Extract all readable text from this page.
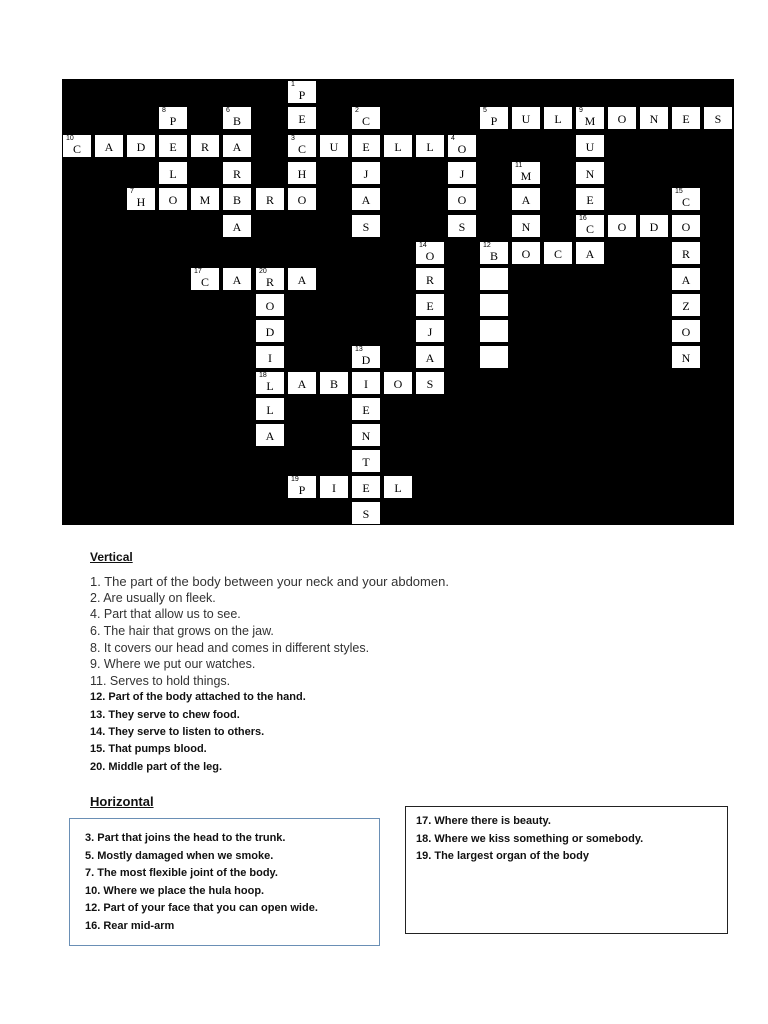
1
P
8
P
6
B	E
2
C
5
P	U	L
9
M	O	N	E	S
10
C	A	D	E	R	A
3
C	U	E	L	L
4
O	U
L	R	H	J	J
11
M	N
7
H	O	M	B	R	O	A	O	A	E
15
C
A	S	S	N
16
C	O	D	O
14
O
12
B	O	C	A	R
17
C	A
20
R	A	R	A
O	E	Z
D	J	O
I
13
D	A	N
18
L	A	B	I	O	S
L	E
A	N
T
19
P	I	E	L
S
Vertical
1. The part of the body between your neck and your abdomen.
2. Are usually on fleek.
4. Part that allow us to see.
6. The hair that grows on the jaw.
8. It covers our head and comes in different styles.
9. Where we put our watches.
11. Serves to hold things.
12. Part of the body attached to the hand.
13. They serve to chew food.
14. They serve to listen to others.
15. That pumps blood.
20. Middle part of the leg.
Horizontal
3. Part that joins the head to the trunk.
5. Mostly damaged when we smoke.
7. The most flexible joint of the body.
10. Where we place the hula hoop.
12. Part of your face that you can open wide.
16. Rear mid-arm
17. Where there is beauty.
18. Where we kiss something or somebody.
19. The largest organ of the body
